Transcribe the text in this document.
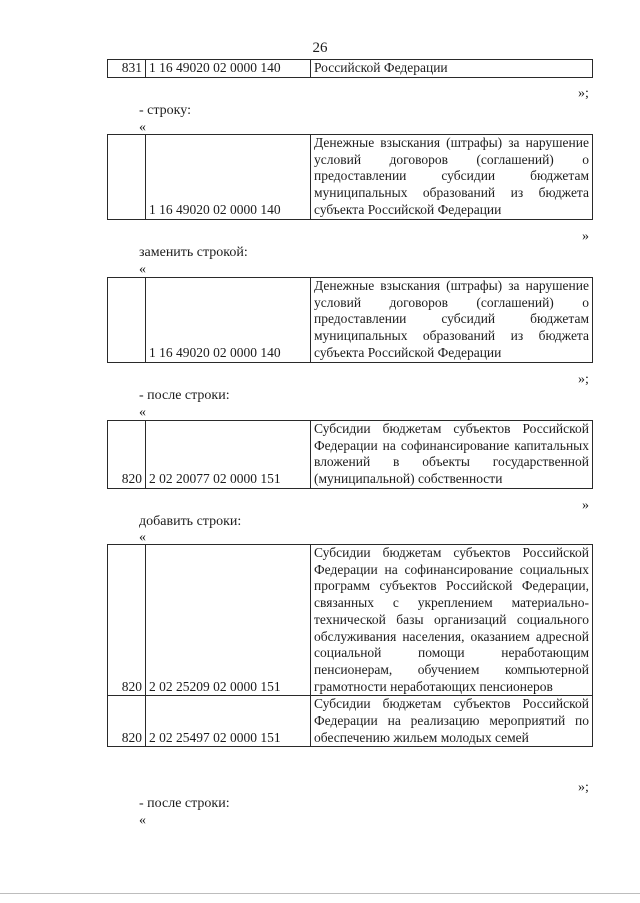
26
831	1 16 49020 02 0000 140	Российской Федерации
»;
- строку:
«
	1 16 49020 02 0000 140	Денежные взыскания (штрафы) за нарушение условий договоров (соглашений) о предоставлении субсидии бюджетам муниципальных образований из бюджета субъекта Российской Федерации
»
заменить строкой:
«
	1 16 49020 02 0000 140	Денежные взыскания (штрафы) за нарушение условий договоров (соглашений) о предоставлении субсидий бюджетам муниципальных образований из бюджета субъекта Российской Федерации
»;
- после строки:
«
820	2 02 20077 02 0000 151	Субсидии бюджетам субъектов Российской Федерации на софинансирование капитальных вложений в объекты государственной (муниципальной) собственности
»
добавить строки:
«
820	2 02 25209 02 0000 151	Субсидии бюджетам субъектов Российской Федерации на софинансирование социальных программ субъектов Российской Федерации, связанных с укреплением материально-технической базы организаций социального обслуживания населения, оказанием адресной социальной помощи неработающим пенсионерам, обучением компьютерной грамотности неработающих пенсионеров
820	2 02 25497 02 0000 151	Субсидии бюджетам субъектов Российской Федерации на реализацию мероприятий по обеспечению жильем молодых семей
»;
- после строки:
«
